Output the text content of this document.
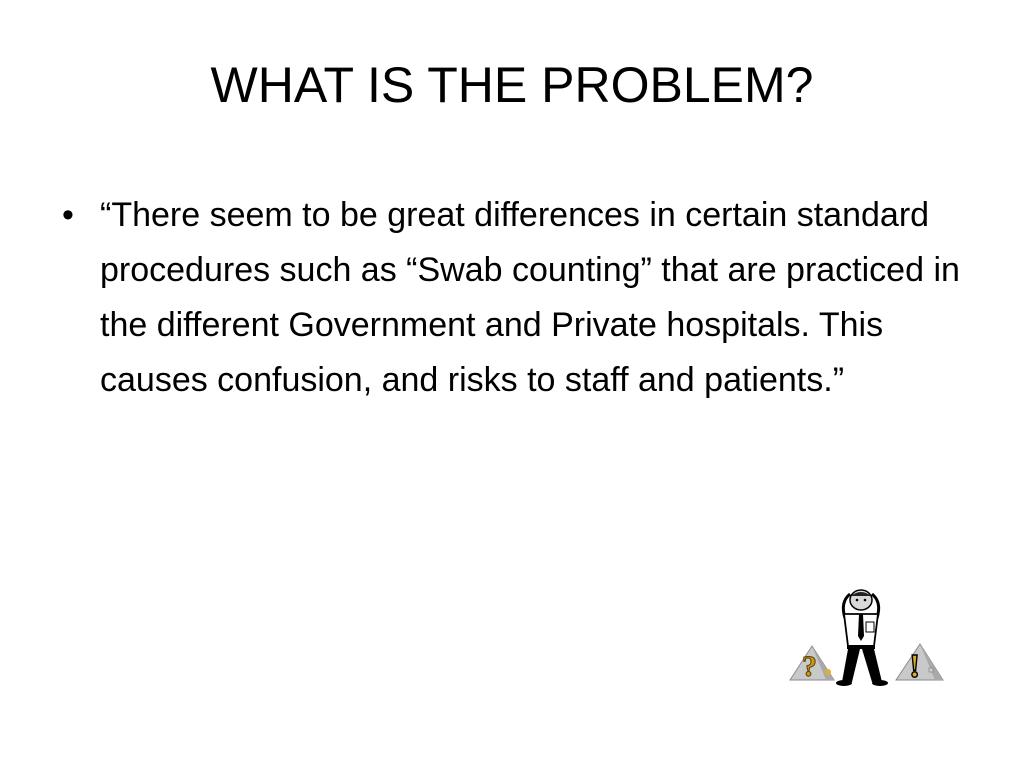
WHAT IS THE PROBLEM?
• “There seem to be great differences in certain standard procedures such as “Swab counting” that are practiced in the different Government and Private hospitals. This causes confusion, and risks to staff and patients.”
?	!
